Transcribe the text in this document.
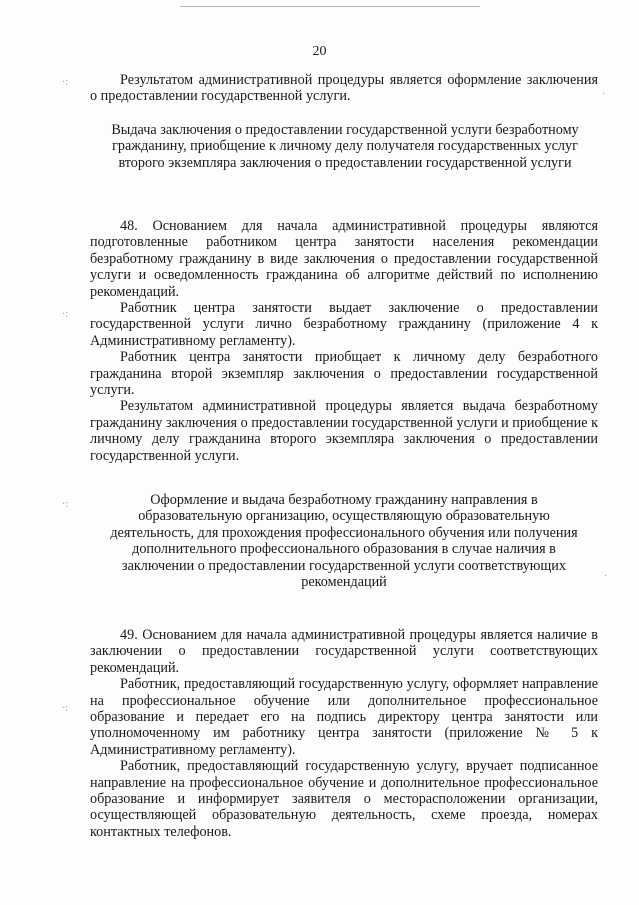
20

Результатом административной процедуры является оформление заключения о предоставлении государственной услуги.

Выдача заключения о предоставлении государственной услуги безработному гражданину, приобщение к личному делу получателя государственных услуг второго экземпляра заключения о предоставлении государственной услуги

48. Основанием для начала административной процедуры являются подготовленные работником центра занятости населения рекомендации безработному гражданину в виде заключения о предоставлении государственной услуги и осведомленность гражданина об алгоритме действий по исполнению рекомендаций.

Работник центра занятости выдает заключение о предоставлении государственной услуги лично безработному гражданину (приложение 4 к Административному регламенту).

Работник центра занятости приобщает к личному делу безработного гражданина второй экземпляр заключения о предоставлении государственной услуги.

Результатом административной процедуры является выдача безработному гражданину заключения о предоставлении государственной услуги и приобщение к личному делу гражданина второго экземпляра заключения о предоставлении государственной услуги.

Оформление и выдача безработному гражданину направления в образовательную организацию, осуществляющую образовательную деятельность, для прохождения профессионального обучения или получения дополнительного профессионального образования в случае наличия в заключении о предоставлении государственной услуги соответствующих рекомендаций

49. Основанием для начала административной процедуры является наличие в заключении о предоставлении государственной услуги соответствующих рекомендаций.

Работник, предоставляющий государственную услугу, оформляет направление на профессиональное обучение или дополнительное профессиональное образование и передает его на подпись директору центра занятости или уполномоченному им работнику центра занятости (приложение № 5 к Административному регламенту).

Работник, предоставляющий государственную услугу, вручает подписанное направление на профессиональное обучение и дополнительное профессиональное образование и информирует заявителя о месторасположении организации, осуществляющей образовательную деятельность, схеме проезда, номерах контактных телефонов.

·:
·:
·
·:
·:
·
